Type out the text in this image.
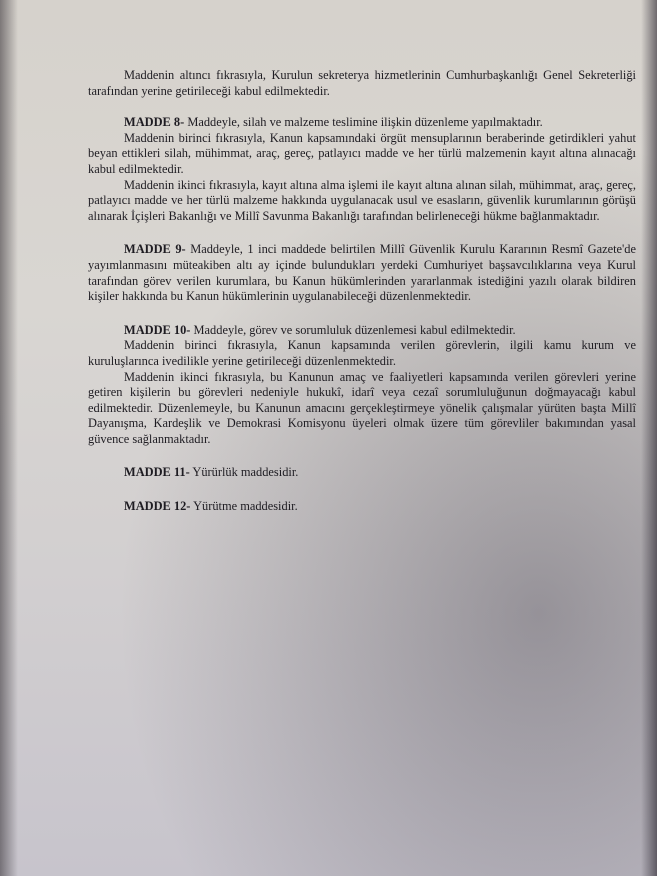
Maddenin altıncı fıkrasıyla, Kurulun sekreterya hizmetlerinin Cumhurbaşkanlığı Genel Sekreterliği tarafından yerine getirileceği kabul edilmektedir.

MADDE 8- Maddeyle, silah ve malzeme teslimine ilişkin düzenleme yapılmaktadır.

Maddenin birinci fıkrasıyla, Kanun kapsamındaki örgüt mensuplarının beraberinde getirdikleri yahut beyan ettikleri silah, mühimmat, araç, gereç, patlayıcı madde ve her türlü malzemenin kayıt altına alınacağı kabul edilmektedir.

Maddenin ikinci fıkrasıyla, kayıt altına alma işlemi ile kayıt altına alınan silah, mühimmat, araç, gereç, patlayıcı madde ve her türlü malzeme hakkında uygulanacak usul ve esasların, güvenlik kurumlarının görüşü alınarak İçişleri Bakanlığı ve Millî Savunma Bakanlığı tarafından belirleneceği hükme bağlanmaktadır.

MADDE 9- Maddeyle, 1 inci maddede belirtilen Millî Güvenlik Kurulu Kararının Resmî Gazete'de yayımlanmasını müteakiben altı ay içinde bulundukları yerdeki Cumhuriyet başsavcılıklarına veya Kurul tarafından görev verilen kurumlara, bu Kanun hükümlerinden yararlanmak istediğini yazılı olarak bildiren kişiler hakkında bu Kanun hükümlerinin uygulanabileceği düzenlenmektedir.

MADDE 10- Maddeyle, görev ve sorumluluk düzenlemesi kabul edilmektedir.

Maddenin birinci fıkrasıyla, Kanun kapsamında verilen görevlerin, ilgili kamu kurum ve kuruluşlarınca ivedilikle yerine getirileceği düzenlenmektedir.

Maddenin ikinci fıkrasıyla, bu Kanunun amaç ve faaliyetleri kapsamında verilen görevleri yerine getiren kişilerin bu görevleri nedeniyle hukukî, idarî veya cezaî sorumluluğunun doğmayacağı kabul edilmektedir. Düzenlemeyle, bu Kanunun amacını gerçekleştirmeye yönelik çalışmalar yürüten başta Millî Dayanışma, Kardeşlik ve Demokrasi Komisyonu üyeleri olmak üzere tüm görevliler bakımından yasal güvence sağlanmaktadır.

MADDE 11- Yürürlük maddesidir.

MADDE 12- Yürütme maddesidir.
